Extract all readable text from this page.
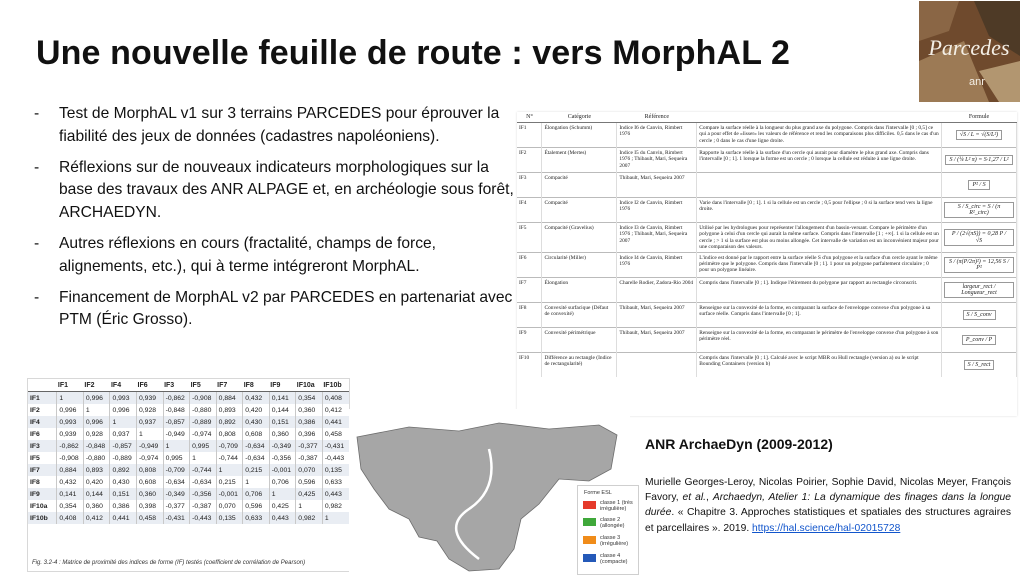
Une nouvelle feuille de route : vers MorphAL 2	Parcedes
anr
- Test de MorphAL v1 sur 3 terrains PARCEDES pour éprouver la fiabilité des jeux de données (cadastres napoléoniens).
- Réflexions sur de nouveaux indicateurs morphologiques sur la base des travaux des ANR ALPAGE et, en archéologie sous forêt, ARCHAEDYN.
- Autres réflexions en cours (fractalité, champs de force, alignements, etc.), qui à terme intégreront MorphAL.
- Financement de MorphAL v2 par PARCEDES en partenariat avec PTM (Éric Grosso).
N°	Catégorie	Référence		Formule
IF1	Élongation (Schumm)	Indice I6 de Canvin, Rimbert 1976	Compare la surface réelle à la longueur du plus grand axe du polygone. Compris dans l'intervalle [0 ; 0,5] ce qui a pour effet de «lisser» les valeurs de référence et rend les comparaisons plus difficiles. 0,5 dans le cas d'un cercle ; 0 dans le cas d'une ligne droite.	√S / L = √(S/L²)
IF2	Étalement (Mertes)	Indice I5 du Canvin, Rimbert 1976 ; Thibault, Mari, Sequeira 2007	Rapporte la surface réelle à la surface d'un cercle qui aurait pour diamètre le plus grand axe. Compris dans l'intervalle [0 ; 1]. 1 lorsque la forme est un cercle ; 0 lorsque la cellule est réduite à une ligne droite.	S / (¼ L² π) = S·1,27 / L²
IF3	Compacité	Thibault, Mari, Sequeira 2007		P² / S
IF4	Compacité	Indice I2 de Canvin, Rimbert 1976	Varie dans l'intervalle [0 ; 1]. 1 si la cellule est un cercle ; 0,5 pour l'ellipse ; 0 si la surface tend vers la ligne droite.	S / S_circ = S / (π R²_circ)
IF5	Compacité (Gravelius)	Indice I3 de Canvin, Rimbert 1976 ; Thibault, Mari, Sequeira 2007	Utilisé par les hydrologues pour représenter l'allongement d'un bassin-versant. Compare le périmètre d'un polygone à celui d'un cercle qui aurait la même surface. Compris dans l'intervalle [1 ; +∞[. 1 si la cellule est un cercle ; > 1 si la surface est plus ou moins allongée. Cet intervalle de variation est un inconvénient majeur pour une comparaison des valeurs.	P / (2√(πS)) = 0,28 P / √S
IF6	Circularité (Miller)	Indice I4 de Canvin, Rimbert 1976	L'indice est donné par le rapport entre la surface réelle S d'un polygone et la surface d'un cercle ayant le même périmètre que le polygone. Compris dans l'intervalle [0 ; 1]. 1 pour un polygone parfaitement circulaire ; 0 pour un polygone linéaire.	S / (π(P/2π)²) = 12,56 S / P²
IF7	Élongation	Charelle Rodier, Zadora-Rio 2004	Compris dans l'intervalle [0 ; 1]. Indique l'étirement du polygone par rapport au rectangle circonscrit.	largeur_rect / Longueur_rect
IF8	Convexité surfacique (Défaut de convexité)	Thibault, Mari, Sequeira 2007	Renseigne sur la convexité de la forme, en comparant la surface de l'enveloppe convexe d'un polygone à sa surface réelle. Compris dans l'intervalle [0 ; 1].	S / S_conv
IF9	Convexité périmétrique	Thibault, Mari, Sequeira 2007	Renseigne sur la convexité de la forme, en comparant le périmètre de l'enveloppe convexe d'un polygone à son périmètre réel.	P_conv / P
IF10	Différence au rectangle (Indice de rectangularité)		Compris dans l'intervalle [0 ; 1]. Calculé avec le script MBR ou Hull rectangle (version a) ou le script Bounding Containers (version b)	S / S_rect
	IF1	IF2	IF4	IF6	IF3	IF5	IF7	IF8	IF9	IF10a	IF10b
IF1	1	0,996	0,993	0,939	-0,862	-0,908	0,884	0,432	0,141	0,354	0,408
IF2	0,996	1	0,996	0,928	-0,848	-0,880	0,893	0,420	0,144	0,360	0,412
IF4	0,993	0,996	1	0,937	-0,857	-0,889	0,892	0,430	0,151	0,386	0,441
IF6	0,939	0,928	0,937	1	-0,949	-0,974	0,808	0,608	0,360	0,396	0,458
IF3	-0,862	-0,848	-0,857	-0,949	1	0,995	-0,709	-0,634	-0,349	-0,377	-0,431
IF5	-0,908	-0,880	-0,889	-0,974	0,995	1	-0,744	-0,634	-0,356	-0,387	-0,443
IF7	0,884	0,893	0,892	0,808	-0,709	-0,744	1	0,215	-0,001	0,070	0,135
IF8	0,432	0,420	0,430	0,608	-0,634	-0,634	0,215	1	0,706	0,596	0,633
IF9	0,141	0,144	0,151	0,360	-0,349	-0,356	-0,001	0,706	1	0,425	0,443
IF10a	0,354	0,360	0,386	0,398	-0,377	-0,387	0,070	0,596	0,425	1	0,982
IF10b	0,408	0,412	0,441	0,458	-0,431	-0,443	0,135	0,633	0,443	0,982	1
Fig. 3.2-4 : Matrice de proximité des indices de forme (IF) testés (coefficient de corrélation de Pearson)
Forme ESL
classe 1 (très irrégulière)
classe 2 (allongée)
classe 3 (irrégulière)
classe 4 (compacte)
ANR ArchaeDyn (2009-2012)

Murielle Georges-Leroy, Nicolas Poirier, Sophie David, Nicolas Meyer, François Favory, et al., Archaedyn, Atelier 1: La dynamique des finages dans la longue durée. « Chapitre 3. Approches statistiques et spatiales des structures agraires et parcellaires ». 2019. https://hal.science/hal-02015728
